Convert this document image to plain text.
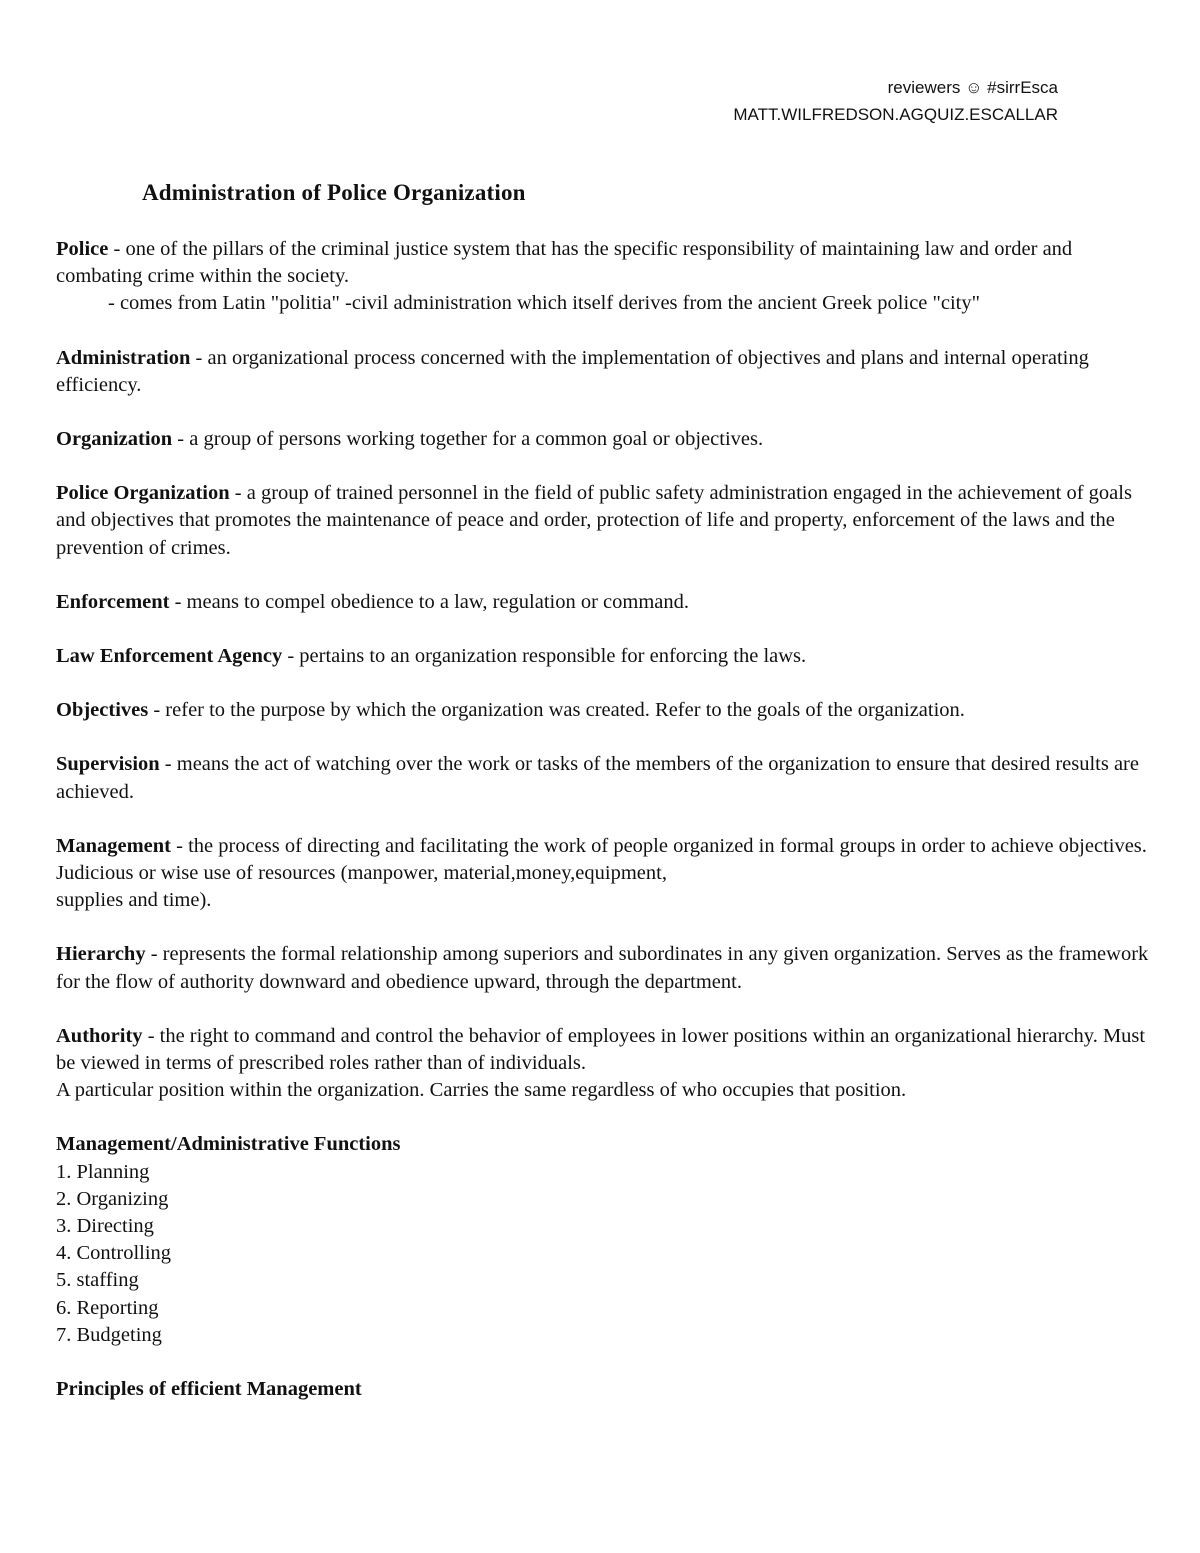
reviewers ☺ #sirrEsca
MATT.WILFREDSON.AGQUIZ.ESCALLAR
Administration of Police Organization
Police - one of the pillars of the criminal justice system that has the specific responsibility of maintaining law and order and combating crime within the society.
- comes from Latin "politia" -civil administration which itself derives from the ancient Greek police "city"
Administration - an organizational process concerned with the implementation of objectives and plans and internal operating efficiency.
Organization - a group of persons working together for a common goal or objectives.
Police Organization - a group of trained personnel in the field of public safety administration engaged in the achievement of goals and objectives that promotes the maintenance of peace and order, protection of life and property, enforcement of the laws and the prevention of crimes.
Enforcement - means to compel obedience to a law, regulation or command.
Law Enforcement Agency - pertains to an organization responsible for enforcing the laws.
Objectives - refer to the purpose by which the organization was created. Refer to the goals of the organization.
Supervision - means the act of watching over the work or tasks of the members of the organization to ensure that desired results are achieved.
Management - the process of directing and facilitating the work of people organized in formal groups in order to achieve objectives. Judicious or wise use of resources (manpower, material,money,equipment,
supplies and time).
Hierarchy - represents the formal relationship among superiors and subordinates in any given organization. Serves as the framework for the flow of authority downward and obedience upward, through the department.
Authority - the right to command and control the behavior of employees in lower positions within an organizational hierarchy. Must be viewed in terms of prescribed roles rather than of individuals.
A particular position within the organization. Carries the same regardless of who occupies that position.
Management/Administrative Functions
1. Planning
2. Organizing
3. Directing
4. Controlling
5. staffing
6. Reporting
7. Budgeting
Principles of efficient Management
